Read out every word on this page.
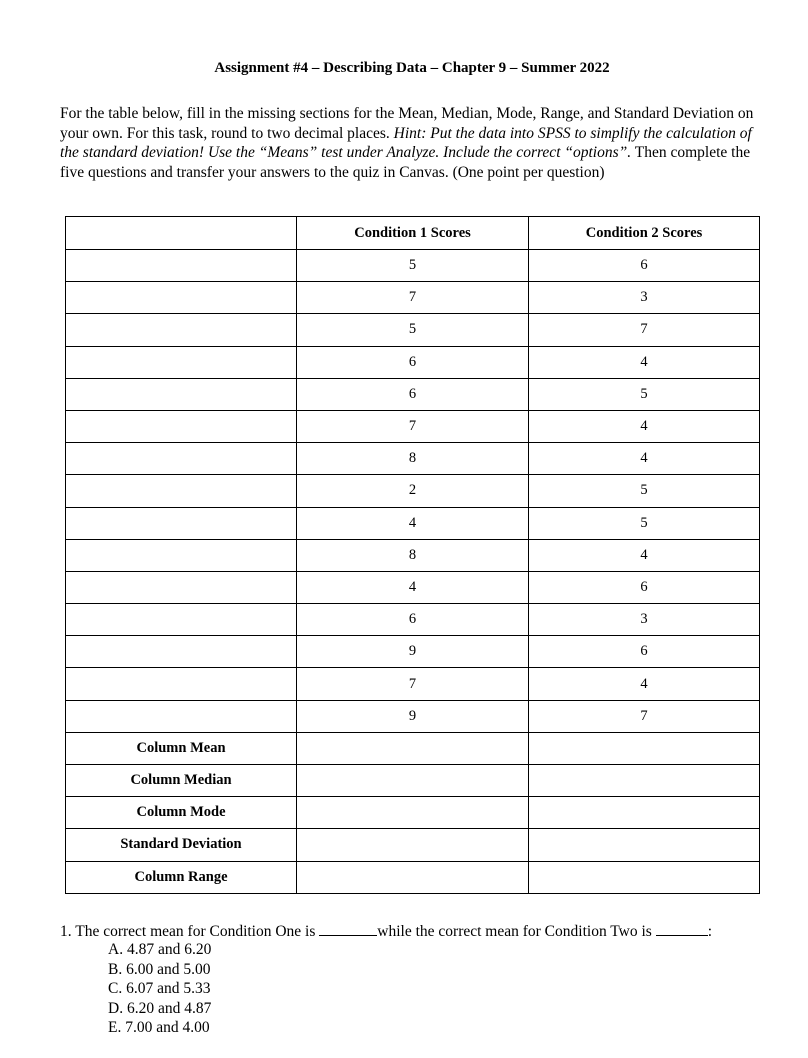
Assignment #4 – Describing Data – Chapter 9 – Summer 2022

For the table below, fill in the missing sections for the Mean, Median, Mode, Range, and Standard Deviation on your own. For this task, round to two decimal places. Hint: Put the data into SPSS to simplify the calculation of the standard deviation! Use the “Means” test under Analyze. Include the correct “options”. Then complete the five questions and transfer your answers to the quiz in Canvas. (One point per question)

	Condition 1 Scores	Condition 2 Scores
	5	6
	7	3
	5	7
	6	4
	6	5
	7	4
	8	4
	2	5
	4	5
	8	4
	4	6
	6	3
	9	6
	7	4
	9	7
Column Mean		
Column Median		
Column Mode		
Standard Deviation		
Column Range		

1. The correct mean for Condition One is	while the correct mean for Condition Two is	:

A. 4.87 and 6.20
B. 6.00 and 5.00
C. 6.07 and 5.33
D. 6.20 and 4.87
E. 7.00 and 4.00
